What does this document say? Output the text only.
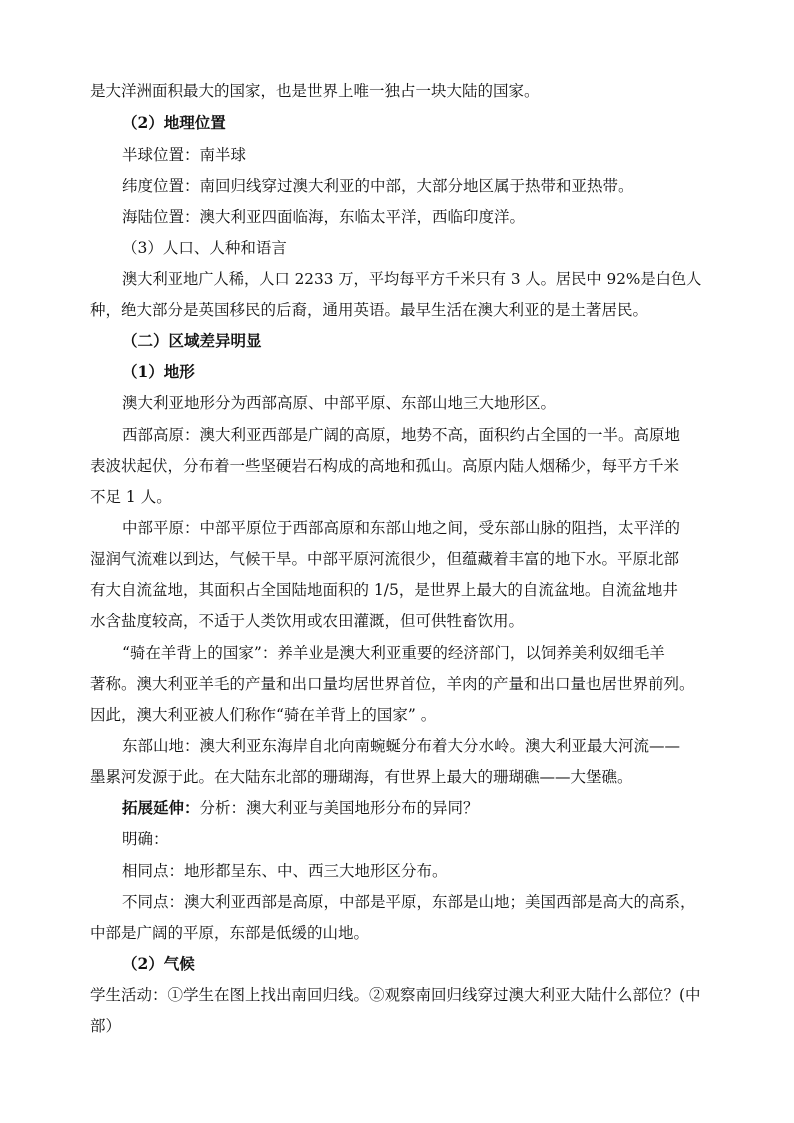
是大洋洲面积最大的国家，也是世界上唯一独占一块大陆的国家。
（2）地理位置
半球位置：南半球
纬度位置：南回归线穿过澳大利亚的中部，大部分地区属于热带和亚热带。
海陆位置：澳大利亚四面临海，东临太平洋，西临印度洋。
（3）人口、人种和语言
澳大利亚地广人稀，人口 2233 万，平均每平方千米只有 3 人。居民中 92%是白色人
种，绝大部分是英国移民的后裔，通用英语。最早生活在澳大利亚的是土著居民。
（二）区域差异明显
（1）地形
澳大利亚地形分为西部高原、中部平原、东部山地三大地形区。
西部高原：澳大利亚西部是广阔的高原，地势不高，面积约占全国的一半。高原地
表波状起伏，分布着一些坚硬岩石构成的高地和孤山。高原内陆人烟稀少，每平方千米
不足 1 人。
中部平原：中部平原位于西部高原和东部山地之间，受东部山脉的阻挡，太平洋的
湿润气流难以到达，气候干旱。中部平原河流很少，但蕴藏着丰富的地下水。平原北部
有大自流盆地，其面积占全国陆地面积的 1/5，是世界上最大的自流盆地。自流盆地井
水含盐度较高，不适于人类饮用或农田灌溉，但可供牲畜饮用。
“骑在羊背上的国家”：养羊业是澳大利亚重要的经济部门，以饲养美利奴细毛羊
著称。澳大利亚羊毛的产量和出口量均居世界首位，羊肉的产量和出口量也居世界前列。
因此，澳大利亚被人们称作“骑在羊背上的国家” 。
东部山地：澳大利亚东海岸自北向南蜿蜒分布着大分水岭。澳大利亚最大河流——
墨累河发源于此。在大陆东北部的珊瑚海，有世界上最大的珊瑚礁——大堡礁。
拓展延伸：分析：澳大利亚与美国地形分布的异同？
明确：
相同点：地形都呈东、中、西三大地形区分布。
不同点：澳大利亚西部是高原，中部是平原，东部是山地；美国西部是高大的高系，
中部是广阔的平原，东部是低缓的山地。
（2）气候
学生活动：①学生在图上找出南回归线。②观察南回归线穿过澳大利亚大陆什么部位？(中
部）
